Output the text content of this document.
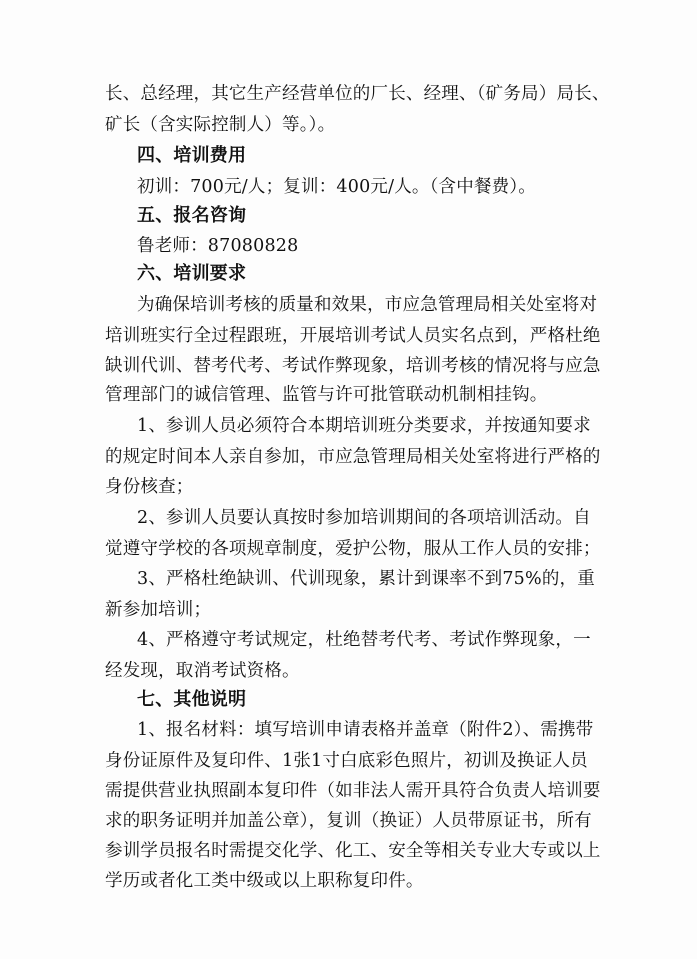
长、总经理，其它生产经营单位的厂长、经理、（矿务局）局长、
矿长（含实际控制人）等。）。
四、培训费用
初训：700元/人；复训：400元/人。（含中餐费）。
五、报名咨询
鲁老师：87080828
六、培训要求
为确保培训考核的质量和效果，市应急管理局相关处室将对
培训班实行全过程跟班，开展培训考试人员实名点到，严格杜绝
缺训代训、替考代考、考试作弊现象，培训考核的情况将与应急
管理部门的诚信管理、监管与许可批管联动机制相挂钩。
1、参训人员必须符合本期培训班分类要求，并按通知要求
的规定时间本人亲自参加，市应急管理局相关处室将进行严格的
身份核查；
2、参训人员要认真按时参加培训期间的各项培训活动。自
觉遵守学校的各项规章制度，爱护公物，服从工作人员的安排；
3、严格杜绝缺训、代训现象，累计到课率不到75%的，重
新参加培训；
4、严格遵守考试规定，杜绝替考代考、考试作弊现象，一
经发现，取消考试资格。
七、其他说明
1、报名材料：填写培训申请表格并盖章（附件2）、需携带
身份证原件及复印件、1张1寸白底彩色照片，初训及换证人员
需提供营业执照副本复印件（如非法人需开具符合负责人培训要
求的职务证明并加盖公章），复训（换证）人员带原证书，所有
参训学员报名时需提交化学、化工、安全等相关专业大专或以上
学历或者化工类中级或以上职称复印件。
